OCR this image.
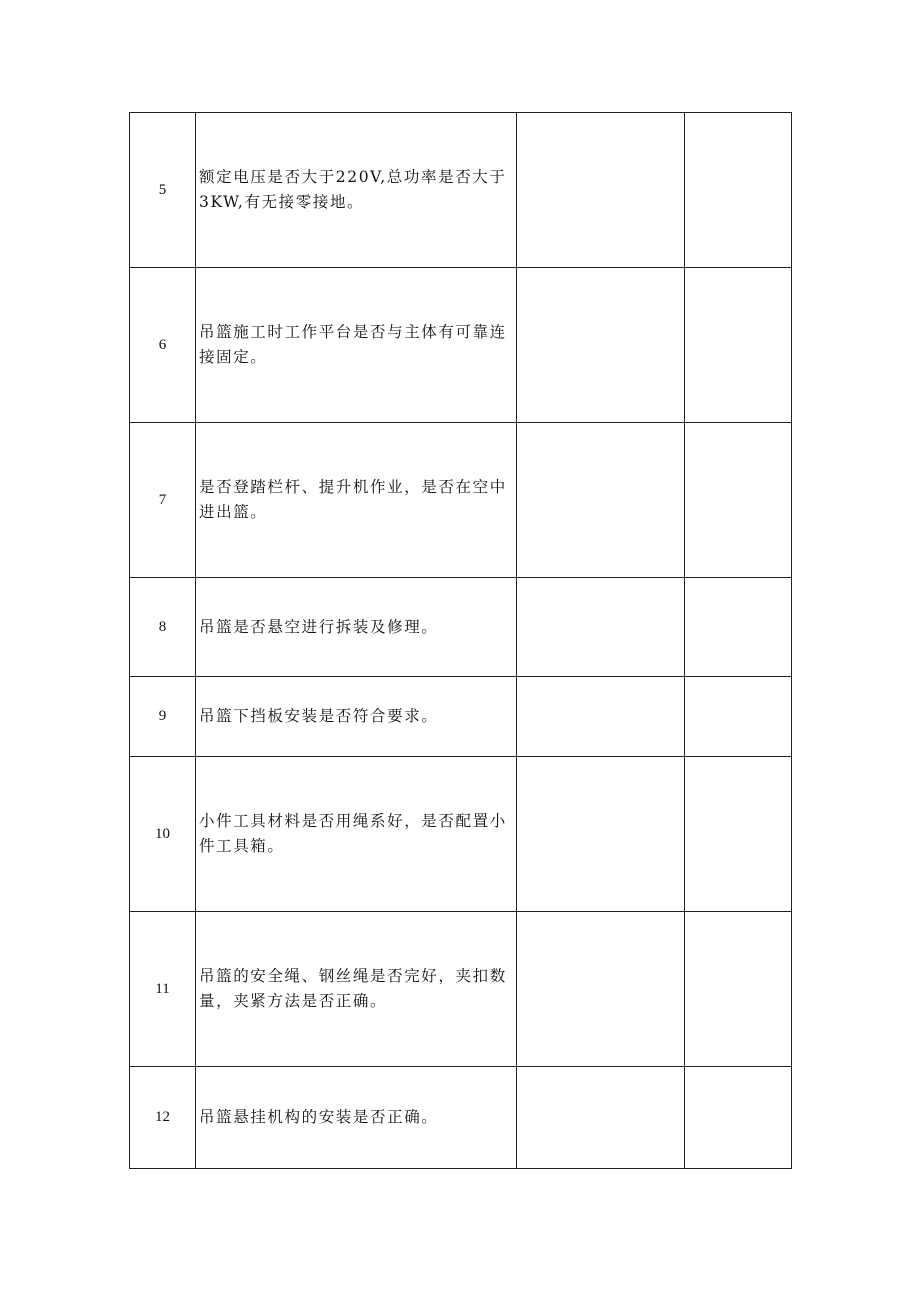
5	额定电压是否大于220V,总功率是否大于3KW,有无接零接地。		
6	吊篮施工时工作平台是否与主体有可靠连接固定。		
7	是否登踏栏杆、提升机作业，是否在空中进出篮。		
8	吊篮是否悬空进行拆装及修理。		
9	吊篮下挡板安装是否符合要求。		
10	小件工具材料是否用绳系好，是否配置小件工具箱。		
11	吊篮的安全绳、钢丝绳是否完好，夹扣数量，夹紧方法是否正确。		
12	吊篮悬挂机构的安装是否正确。		
